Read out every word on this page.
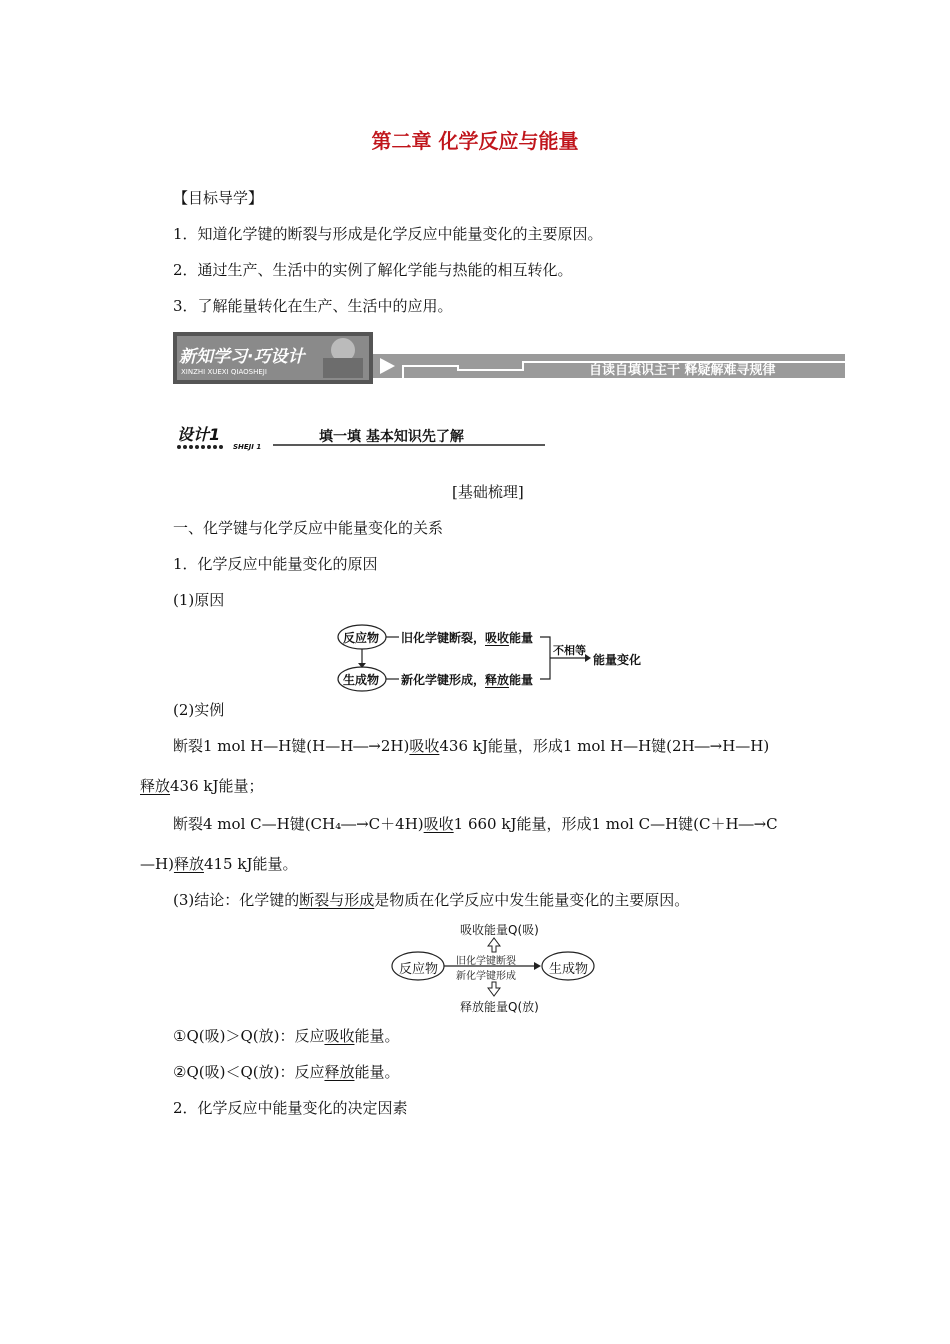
第二章 化学反应与能量
【目标导学】
1．知道化学键的断裂与形成是化学反应中能量变化的主要原因。
2．通过生产、生活中的实例了解化学能与热能的相互转化。
3．了解能量转化在生产、生活中的应用。
新知学习·巧设计
XINZHI XUEXI QIAOSHEJI	自读自填识主干 释疑解难寻规律
设计1
SHEJI 1
填一填 基本知识先了解
[基础梳理]
一、化学键与化学反应中能量变化的关系
1．化学反应中能量变化的原因
(1)原因
反应物
生成物
旧化学键断裂，吸收能量
新化学键形成，释放能量
不相等
能量变化
(2)实例
断裂1 mol H—H键(H—H―→2H)吸收436 kJ能量，形成1 mol H—H键(2H―→H—H)
释放436 kJ能量；
断裂4 mol C—H键(CH₄―→C＋4H)吸收1 660 kJ能量，形成1 mol C—H键(C＋H―→C
—H)释放415 kJ能量。
(3)结论：化学键的断裂与形成是物质在化学反应中发生能量变化的主要原因。
吸收能量Q(吸)
旧化学键断裂
新化学键形成
释放能量Q(放)
反应物	生成物
①Q(吸)＞Q(放)：反应吸收能量。
②Q(吸)＜Q(放)：反应释放能量。
2．化学反应中能量变化的决定因素
